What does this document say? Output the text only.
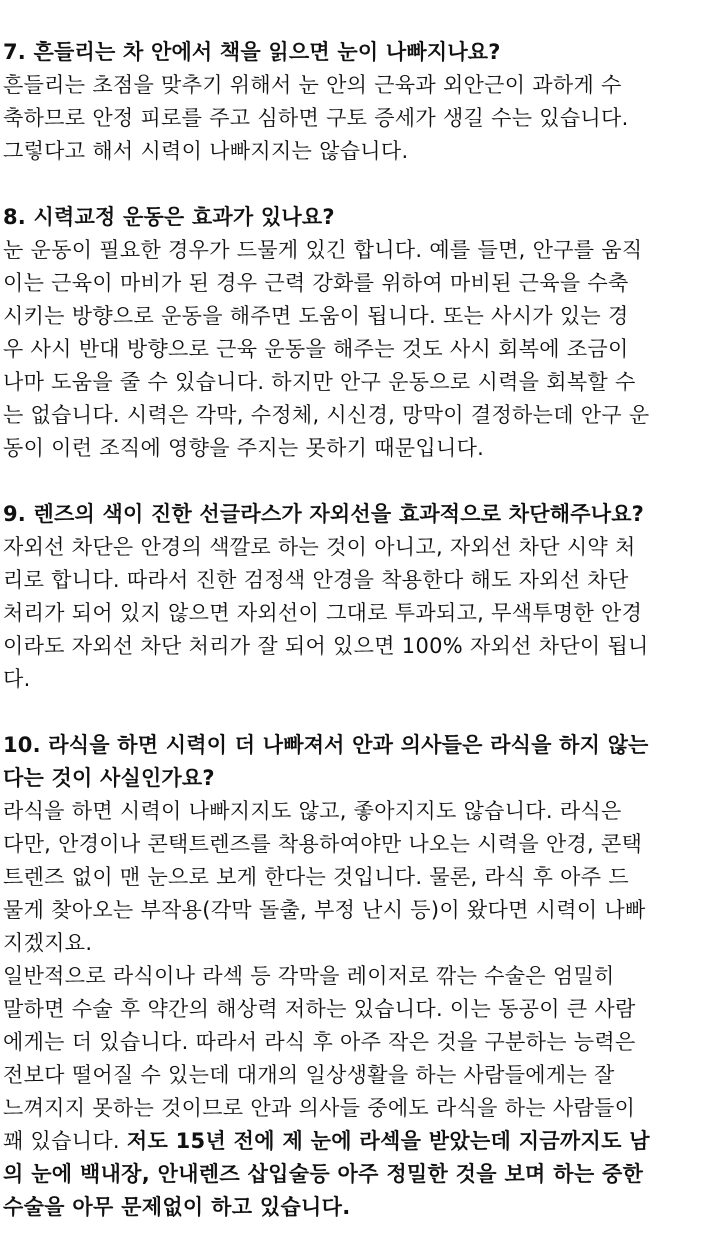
7. 흔들리는 차 안에서 책을 읽으면 눈이 나빠지나요?

흔들리는 초점을 맞추기 위해서 눈 안의 근육과 외안근이 과하게 수
축하므로 안정 피로를 주고 심하면 구토 증세가 생길 수는 있습니다.
그렇다고 해서 시력이 나빠지지는 않습니다.

8. 시력교정 운동은 효과가 있나요?

눈 운동이 필요한 경우가 드물게 있긴 합니다. 예를 들면, 안구를 움직
이는 근육이 마비가 된 경우 근력 강화를 위하여 마비된 근육을 수축
시키는 방향으로 운동을 해주면 도움이 됩니다. 또는 사시가 있는 경
우 사시 반대 방향으로 근육 운동을 해주는 것도 사시 회복에 조금이
나마 도움을 줄 수 있습니다. 하지만 안구 운동으로 시력을 회복할 수
는 없습니다. 시력은 각막, 수정체, 시신경, 망막이 결정하는데 안구 운
동이 이런 조직에 영향을 주지는 못하기 때문입니다.

9. 렌즈의 색이 진한 선글라스가 자외선을 효과적으로 차단해주나요?

자외선 차단은 안경의 색깔로 하는 것이 아니고, 자외선 차단 시약 처
리로 합니다. 따라서 진한 검정색 안경을 착용한다 해도 자외선 차단
처리가 되어 있지 않으면 자외선이 그대로 투과되고, 무색투명한 안경
이라도 자외선 차단 처리가 잘 되어 있으면 100% 자외선 차단이 됩니
다.

10. 라식을 하면 시력이 더 나빠져서 안과 의사들은 라식을 하지 않는
다는 것이 사실인가요?

라식을 하면 시력이 나빠지지도 않고, 좋아지지도 않습니다. 라식은
다만, 안경이나 콘택트렌즈를 착용하여야만 나오는 시력을 안경, 콘택
트렌즈 없이 맨 눈으로 보게 한다는 것입니다. 물론, 라식 후 아주 드
물게 찾아오는 부작용(각막 돌출, 부정 난시 등)이 왔다면 시력이 나빠
지겠지요.
일반적으로 라식이나 라섹 등 각막을 레이저로 깎는 수술은 엄밀히
말하면 수술 후 약간의 해상력 저하는 있습니다. 이는 동공이 큰 사람
에게는 더 있습니다. 따라서 라식 후 아주 작은 것을 구분하는 능력은
전보다 떨어질 수 있는데 대개의 일상생활을 하는 사람들에게는 잘
느껴지지 못하는 것이므로 안과 의사들 중에도 라식을 하는 사람들이
꽤 있습니다. 저도 15년 전에 제 눈에 라섹을 받았는데 지금까지도 남
의 눈에 백내장, 안내렌즈 삽입술등 아주 정밀한 것을 보며 하는 중한
수술을 아무 문제없이 하고 있습니다.
